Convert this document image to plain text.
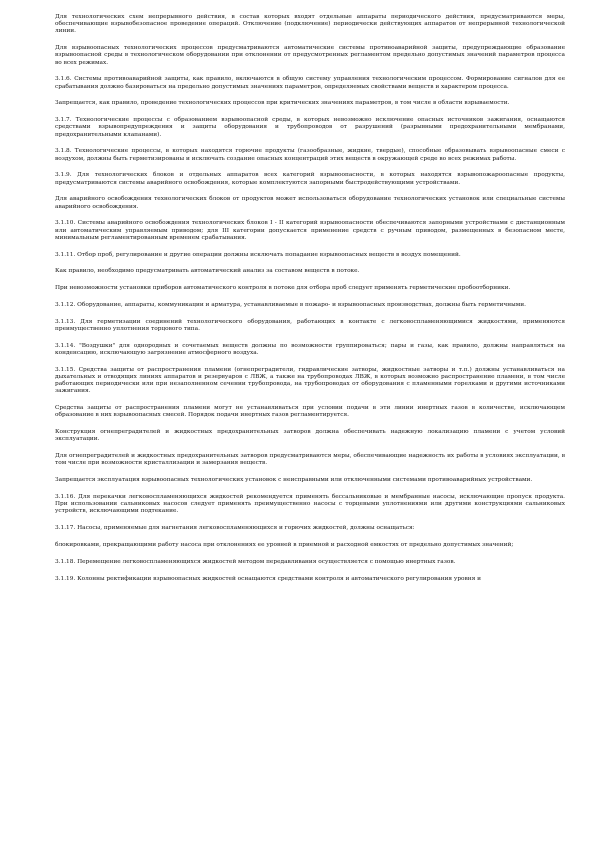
Для технологических схем непрерывного действия, в состав которых входят отдельные аппараты периодического действия, предусматриваются меры, обеспечивающие взрывобезопасное проведение операций. Отключение (подключение) периодически действующих аппаратов от непрерывной технологической линии.

Для взрывоопасных технологических процессов предусматриваются автоматические системы противоаварийной защиты, предупреждающие образование взрывоопасной среды в технологическом оборудовании при отклонении от предусмотренных регламентом предельно допустимых значений параметров процесса во всех режимах.

3.1.6. Системы противоаварийной защиты, как правило, включаются в общую систему управления технологическим процессом. Формирование сигналов для ее срабатывания должно базироваться на предельно допустимых значениях параметров, определяемых свойствами веществ и характером процесса.

Запрещается, как правило, проведение технологических процессов при критических значениях параметров, в том числе в области взрываемости.

3.1.7. Технологические процессы с образованием взрывоопасной среды, в которых невозможно исключение опасных источников зажигания, оснащаются средствами взрывопредупреждения и защиты оборудования и трубопроводов от разрушений (разрывными предохранительными мембранами, предохранительными клапанами).

3.1.8. Технологические процессы, в которых находятся горючие продукты (газообразные, жидкие, твердые), способные образовывать взрывоопасные смеси с воздухом, должны быть герметизированы и исключать создание опасных концентраций этих веществ в окружающей среде во всех режимах работы.

3.1.9. Для технологических блоков и отдельных аппаратов всех категорий взрывоопасности, в которых находятся взрывопожароопасные продукты, предусматриваются системы аварийного освобождения, которые комплектуются запорными быстродействующими устройствами.

Для аварийного освобождения технологических блоков от продуктов может использоваться оборудование технологических установок или специальные системы аварийного освобождения.

3.1.10. Системы аварийного освобождения технологических блоков I - II категорий взрывоопасности обеспечиваются запорными устройствами с дистанционным или автоматическим управляемым приводом; для III категории допускается применение средств с ручным приводом, размещенных в безопасном месте, минимальным регламентированным временем срабатывания.

3.1.11. Отбор проб, регулирование и другие операции должны исключать попадание взрывоопасных веществ в воздух помещений.

Как правило, необходимо предусматривать автоматический анализ за составом веществ в потоке.

При невозможности установки приборов автоматического контроля в потоке для отбора проб следует применять герметические пробоотборники.

3.1.12. Оборудование, аппараты, коммуникации и арматура, устанавливаемые в пожаро- и взрывоопасных производствах, должны быть герметичными.

3.1.13. Для герметизации соединений технологического оборудования, работающих в контакте с легковоспламеняющимися жидкостями, применяются преимущественно уплотнения торцового типа.

3.1.14. "Воздушки" для однородных и сочетаемых веществ должны по возможности группироваться; пары и газы, как правило, должны направляться на конденсацию, исключающую загрязнение атмосферного воздуха.

3.1.15. Средства защиты от распространения пламени (огнепреградители, гидравлические затворы, жидкостные затворы и т.п.) должны устанавливаться на дыхательных и отводящих линиях аппаратов и резервуаров с ЛВЖ, а также на трубопроводах ЛВЖ, в которых возможно распространение пламени, в том числе работающих периодически или при незаполненном сечении трубопровода, на трубопроводах от оборудования с пламенными горелками и другими источниками зажигания.

Средства защиты от распространения пламени могут не устанавливаться при условии подачи в эти линии инертных газов в количестве, исключающем образование в них взрывоопасных смесей. Порядок подачи инертных газов регламентируется.

Конструкция огнепреградителей и жидкостных предохранительных затворов должна обеспечивать надежную локализацию пламени с учетом условий эксплуатации.

Для огнепреградителей и жидкостных предохранительных затворов предусматриваются меры, обеспечивающие надежность их работы в условиях эксплуатации, в том числе при возможности кристаллизации и замерзания веществ.

Запрещается эксплуатация взрывоопасных технологических установок с неисправными или отключенными системами противоаварийных устройствами.

3.1.16. Для перекачки легковоспламеняющихся жидкостей рекомендуется применять бессальниковые и мембранные насосы, исключающие пропуск продукта. При использовании сальниковых насосов следует применять преимущественно насосы с торцевыми уплотнениями или другими конструкциями сальниковых устройств, исключающими подтекание.

3.1.17. Насосы, применяемые для нагнетания легковоспламеняющихся и горючих жидкостей, должны оснащаться:

блокировками, прекращающими работу насоса при отклонениях ее уровней в приемной и расходной емкостях от предельно допустимых значений;

3.1.18. Перемещение легковоспламеняющихся жидкостей методом передавливания осуществляется с помощью инертных газов.

3.1.19. Колонны ректификации взрывоопасных жидкостей оснащаются средствами контроля и автоматического регулирования уровня и
